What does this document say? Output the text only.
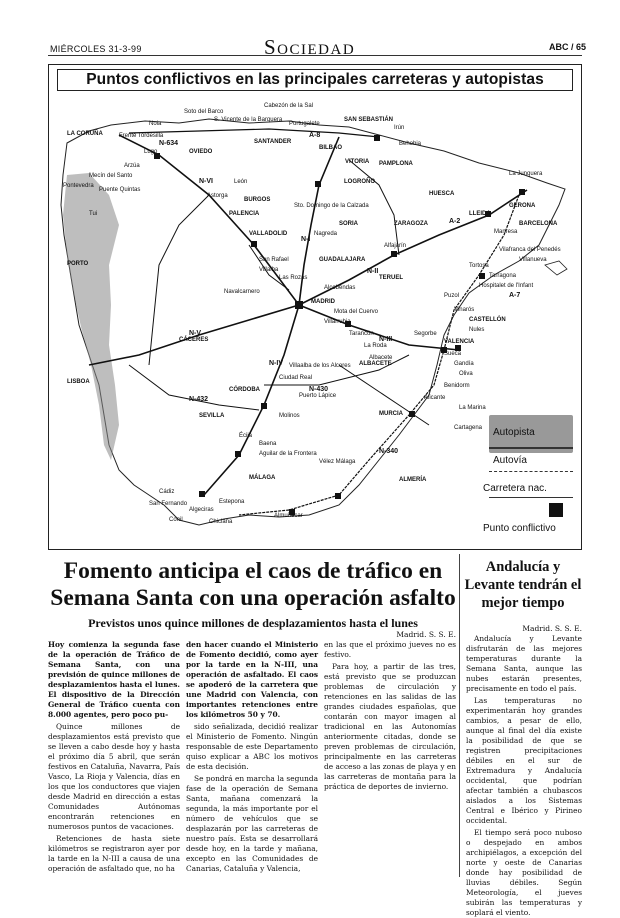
MIÉRCOLES 31-3-99	Sociedad	ABC / 65
Cabezón de la Sal
Soto del Barco
S. Vicente de la Barquera
Portugalete
SAN SEBASTIÁN
Irún
LA CORUÑA
Noia
Frente Tordesilla
Lugo	OVIEDO
SANTANDER
BILBAO
Behobia
Arzúa
Pontevedra
Mecín del Santo
Puente Quintas
VITORIA PAMPLONA
La Junquera
Tui
León
BURGOS
Sto. Domingo de la Calzada
LOGROÑO
HUESCA
GERONA
Astorga
PALENCIA
SORIA	ZARAGOZA
LLEIDA
Manresa
BARCELONA
VALLADOLID	Nagreda
Alfajarín
Vilafranca del Penedés
Villanueva
PORTO
San Rafael
Villalba
GUADALAJARA
Tortosa
Tarragona
Hospitalet de l'Infant
Puzol
Las Rozas
Alcobendas
TERUEL
Vinarós
Navalcarnero
MADRID
Mota del Cuervo
CASTELLÓN
Nules
Villarrubia
Tarancón	Segorbe
VALENCIA
CÁCERES
La Roda
Albacete
Sueca
Gandía
ALBACETE
Oliva
Villaalba de los Alcores
LISBOA
Ciudad Real
Benidorm
CÓRDOBA
Alicante
Puerto Lápice
La Marina
Molinos
Cartagena
SEVILLA	MURCIA
Baena
Écija
Aguilar de la Frontera
Vélez Málaga
MÁLAGA	ALMERÍA
Cádiz
Algeciras
Chiclana
Conil
Almuñécar
San Fernando	Estepona
N-VI
N-634
A-8
N-I
N-II
A-2
A-7
N-III
N-IV
N-V
N-432
N-430
N-340
Puntos conflictivos en las principales carreteras y autopistas
Autopista
Autovía
Carretera nac.
Punto conflictivo
Fomento anticipa el caos de tráfico en Semana Santa con una operación asfalto
Previstos unos quince millones de desplazamientos hasta el lunes

Hoy comienza la segunda fase de la operación de Tráfico de Semana Santa, con una previsión de quince millones de desplazamientos hasta el lunes. El dispositivo de la Dirección General de Tráfico cuenta con 8.000 agentes, pero poco pu-

Quince millones de desplazamientos está previsto que se lleven a cabo desde hoy y hasta el próximo día 5 abril, que serán festivos en Cataluña, Navarra, País Vasco, La Rioja y Valencia, días en los que los conductores que viajen desde Madrid en dirección a estas Comunidades Autónomas encontrarán retenciones en numerosos puntos de vacaciones.

Retenciones de hasta siete kilómetros se registraron ayer por la tarde en la N-III a causa de una operación de asfaltado que, no ha

den hacer cuando el Ministerio de Fomento decidió, como ayer por la tarde en la N-III, una operación de asfaltado. El caos se apoderó de la carretera que une Madrid con Valencia, con importantes retenciones entre los kilómetros 50 y 70.

sido señalizada, decidió realizar el Ministerio de Fomento. Ningún responsable de este Departamento quiso explicar a ABC los motivos de esta decisión.

Se pondrá en marcha la segunda fase de la operación de Semana Santa, mañana comenzará la segunda, la más importante por el número de vehículos que se desplazarán por las carreteras de nuestro país. Esta se desarrollará desde hoy, en la tarde y mañana, excepto en las Comunidades de Canarias, Cataluña y Valencia,

Madrid. S. S. E.

en las que el próximo jueves no es festivo.

Para hoy, a partir de las tres, está previsto que se produzcan problemas de circulación y retenciones en las salidas de las grandes ciudades españolas, que contarán con mayor imagen al tradicional en las Autonomías anteriormente citadas, donde se preven problemas de circulación, principalmente en las carreteras de acceso a las zonas de playa y en las carreteras de montaña para la práctica de deportes de invierno.

Andalucía y Levante tendrán el mejor tiempo
Madrid. S. S. E.

Andalucía y Levante disfrutarán de las mejores temperaturas durante la Semana Santa, aunque las nubes estarán presentes, precisamente en todo el país.

Las temperaturas no experimentarán hoy grandes cambios, a pesar de ello, aunque al final del día existe la posibilidad de que se registren precipitaciones débiles en el sur de Extremadura y Andalucía occidental, que podrían afectar también a chubascos aislados a los Sistemas Central e Ibérico y Pirineo occidental.

El tiempo será poco nuboso o despejado en ambos archipiélagos, a excepción del norte y oeste de Canarias donde hay posibilidad de lluvias débiles. Según Meteorología, el jueves subirán las temperaturas y soplará el viento.
